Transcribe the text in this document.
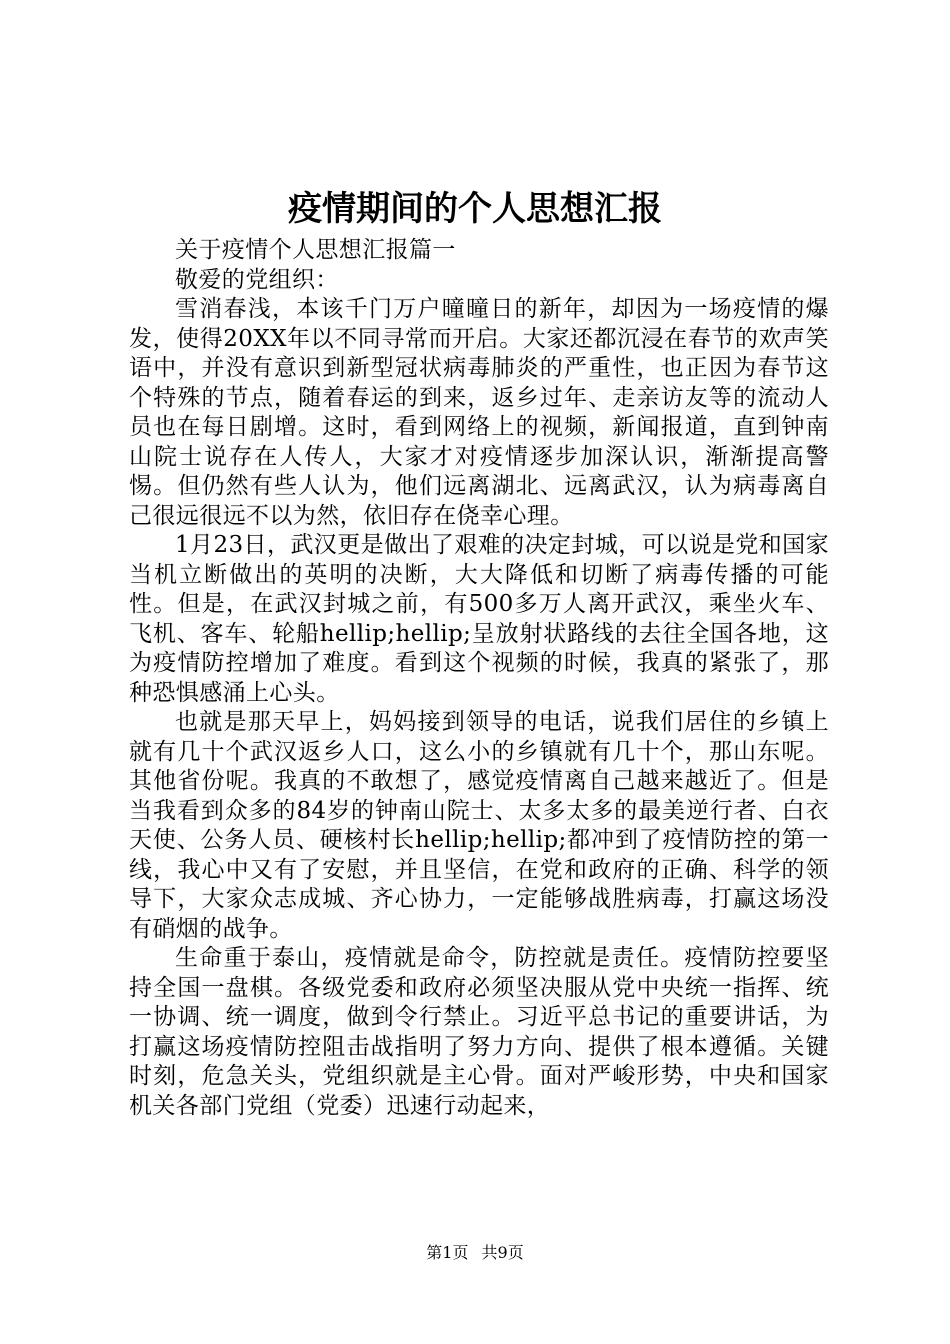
疫情期间的个人思想汇报

关于疫情个人思想汇报篇一

敬爱的党组织：

雪消春浅，本该千门万户曈曈日的新年，却因为一场疫情的爆发，使得20XX年以不同寻常而开启。大家还都沉浸在春节的欢声笑语中，并没有意识到新型冠状病毒肺炎的严重性，也正因为春节这个特殊的节点，随着春运的到来，返乡过年、走亲访友等的流动人员也在每日剧增。这时，看到网络上的视频，新闻报道，直到钟南山院士说存在人传人，大家才对疫情逐步加深认识，渐渐提高警惕。但仍然有些人认为，他们远离湖北、远离武汉，认为病毒离自己很远很远不以为然，依旧存在侥幸心理。

1月23日，武汉更是做出了艰难的决定封城，可以说是党和国家当机立断做出的英明的决断，大大降低和切断了病毒传播的可能性。但是，在武汉封城之前，有500多万人离开武汉，乘坐火车、飞机、客车、轮船hellip;hellip;呈放射状路线的去往全国各地，这为疫情防控增加了难度。看到这个视频的时候，我真的紧张了，那种恐惧感涌上心头。

也就是那天早上，妈妈接到领导的电话，说我们居住的乡镇上就有几十个武汉返乡人口，这么小的乡镇就有几十个，那山东呢。其他省份呢。我真的不敢想了，感觉疫情离自己越来越近了。但是当我看到众多的84岁的钟南山院士、太多太多的最美逆行者、白衣天使、公务人员、硬核村长hellip;hellip;都冲到了疫情防控的第一线，我心中又有了安慰，并且坚信，在党和政府的正确、科学的领导下，大家众志成城、齐心协力，一定能够战胜病毒，打赢这场没有硝烟的战争。

生命重于泰山，疫情就是命令，防控就是责任。疫情防控要坚持全国一盘棋。各级党委和政府必须坚决服从党中央统一指挥、统一协调、统一调度，做到令行禁止。习近平总书记的重要讲话，为打赢这场疫情防控阻击战指明了努力方向、提供了根本遵循。关键时刻，危急关头，党组织就是主心骨。面对严峻形势，中央和国家机关各部门党组（党委）迅速行动起来，

第1页 共9页
